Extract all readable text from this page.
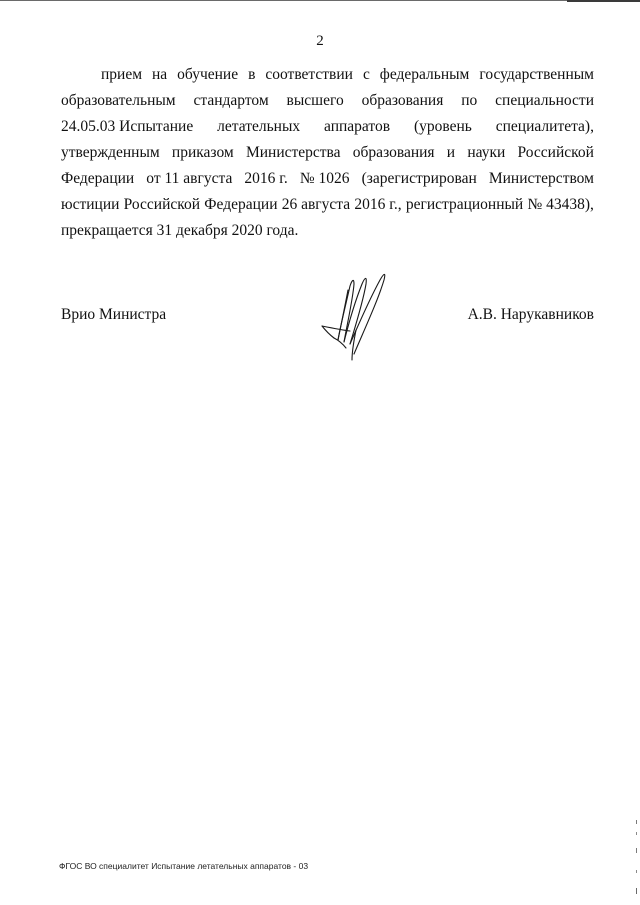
2
прием на обучение в соответствии с федеральным государственным
образовательным стандартом высшего образования по специальности
24.05.03 Испытание летательных аппаратов (уровень специалитета),
утвержденным приказом Министерства образования и науки Российской
Федерации от 11 августа 2016 г. № 1026 (зарегистрирован Министерством
юстиции Российской Федерации 26 августа 2016 г., регистрационный № 43438),
прекращается 31 декабря 2020 года.
Врио Министра	А.В. Нарукавников
ФГОС ВО специалитет Испытание летательных аппаратов - 03
